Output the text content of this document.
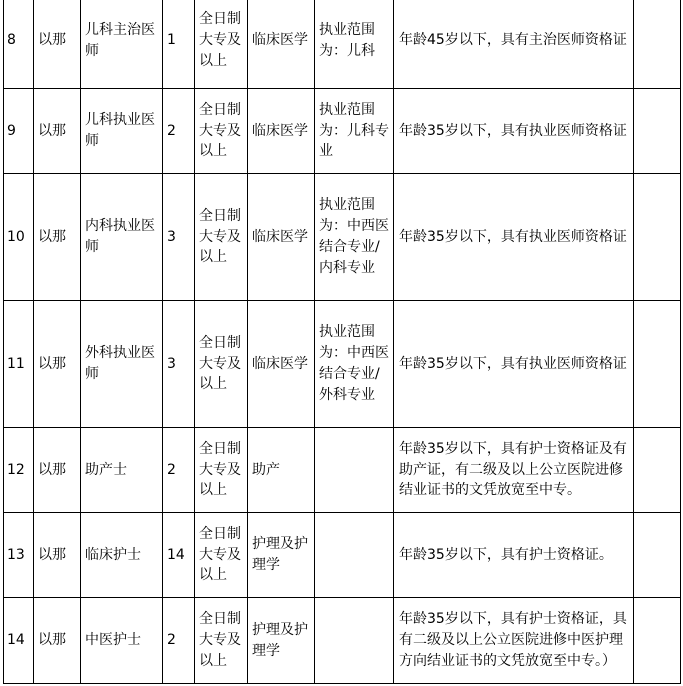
8	以那	儿科主治医师	1	全日制大专及以上	临床医学	执业范围为：儿科	年龄45岁以下，具有主治医师资格证	
9	以那	儿科执业医师	2	全日制大专及以上	临床医学	执业范围为：儿科专业	年龄35岁以下，具有执业医师资格证	
10	以那	内科执业医师	3	全日制大专及以上	临床医学	执业范围为：中西医结合专业/内科专业	年龄35岁以下，具有执业医师资格证	
11	以那	外科执业医师	3	全日制大专及以上	临床医学	执业范围为：中西医结合专业/外科专业	年龄35岁以下，具有执业医师资格证	
12	以那	助产士	2	全日制大专及以上	助产		年龄35岁以下，具有护士资格证及有助产证，有二级及以上公立医院进修结业证书的文凭放宽至中专。	
13	以那	临床护士	14	全日制大专及以上	护理及护理学		年龄35岁以下，具有护士资格证。	
14	以那	中医护士	2	全日制大专及以上	护理及护理学		年龄35岁以下，具有护士资格证，具有二级及以上公立医院进修中医护理方向结业证书的文凭放宽至中专。）	
